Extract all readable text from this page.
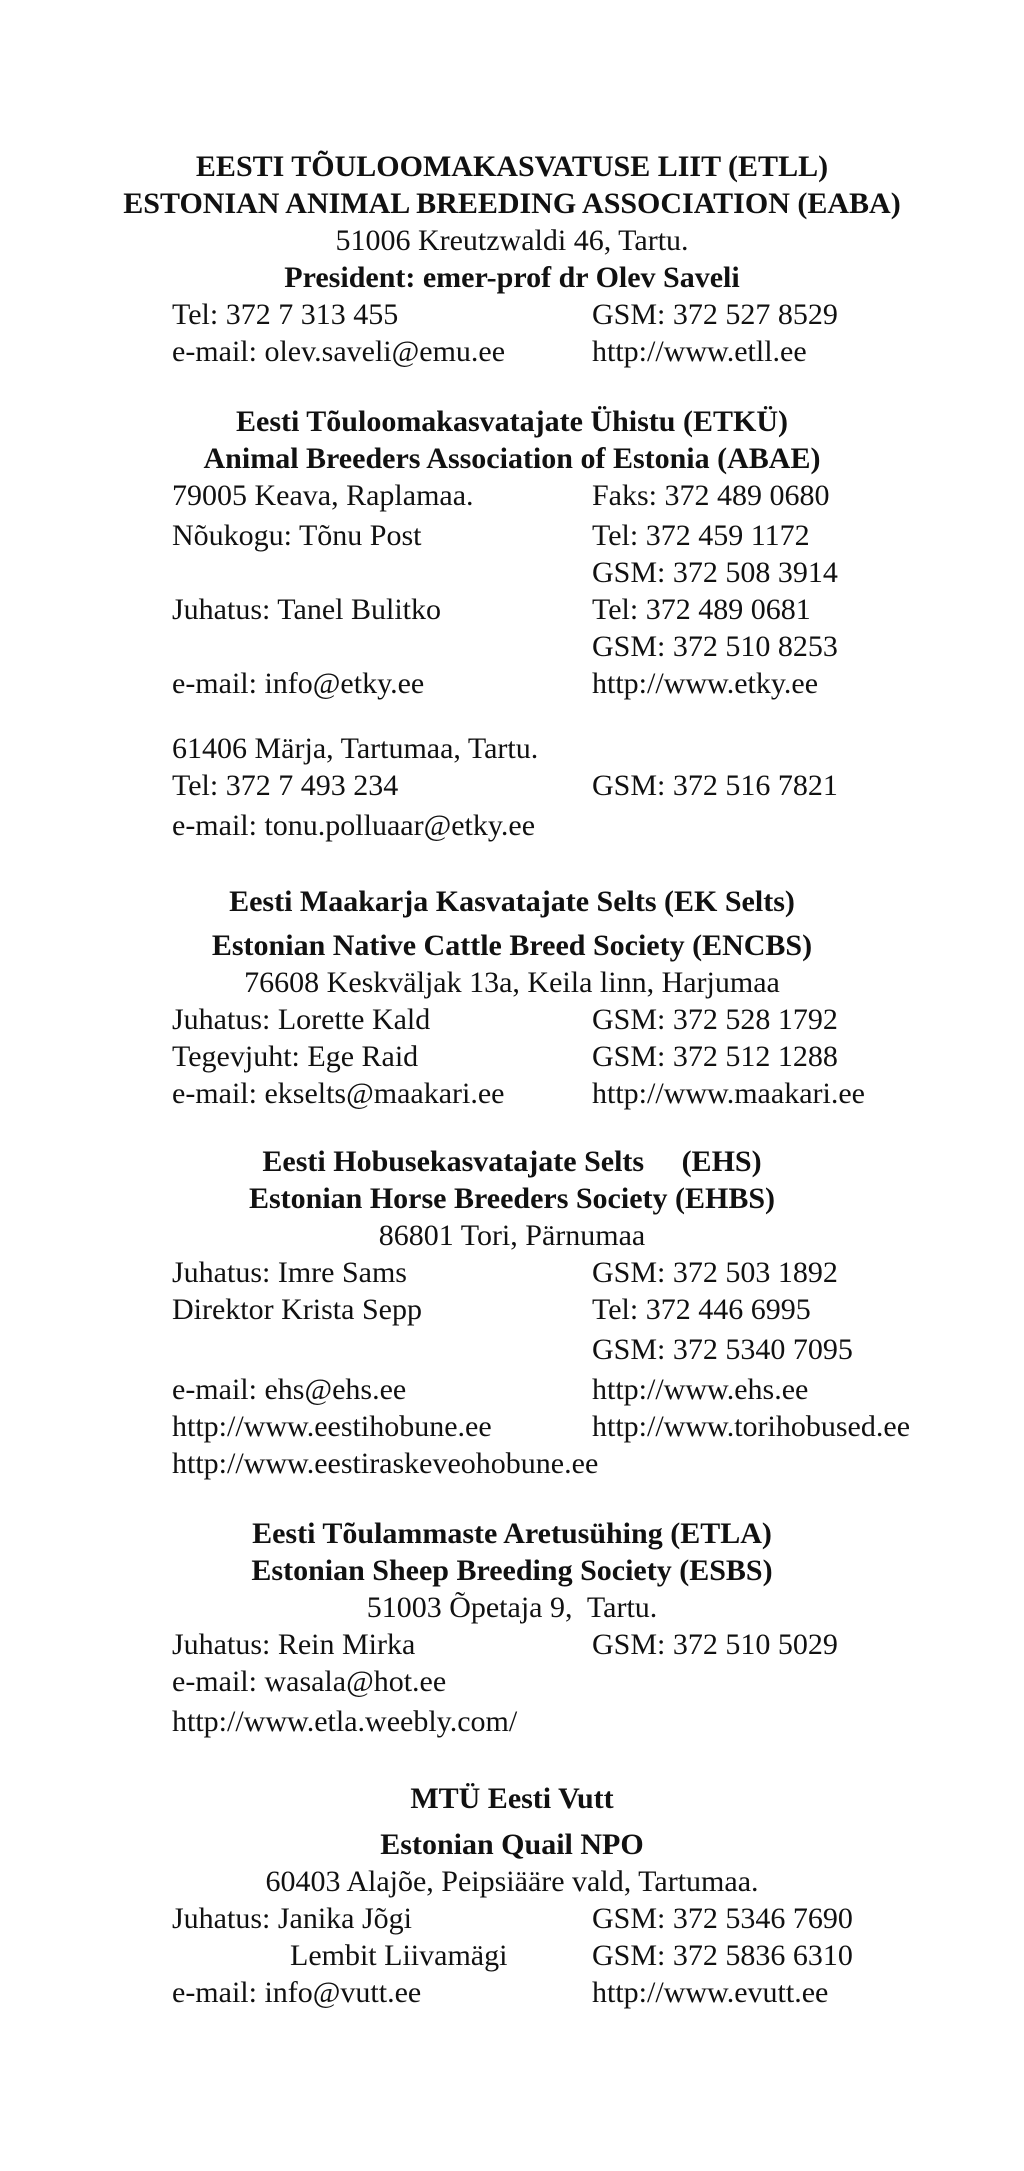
EESTI TÕULOOMAKASVATUSE LIIT (ETLL)
ESTONIAN ANIMAL BREEDING ASSOCIATION (EABA)
51006 Kreutzwaldi 46, Tartu.
President: emer-prof dr Olev Saveli
Tel: 372 7 313 455	GSM: 372 527 8529
e-mail: olev.saveli@emu.ee	http://www.etll.ee
Eesti Tõuloomakasvatajate Ühistu (ETKÜ)
Animal Breeders Association of Estonia (ABAE)
79005 Keava, Raplamaa.	Faks: 372 489 0680
Nõukogu: Tõnu Post	Tel: 372 459 1172
GSM: 372 508 3914
Juhatus: Tanel Bulitko	Tel: 372 489 0681
GSM: 372 510 8253
e-mail: info@etky.ee	http://www.etky.ee
61406 Märja, Tartumaa, Tartu.
Tel: 372 7 493 234	GSM: 372 516 7821
e-mail: tonu.polluaar@etky.ee
Eesti Maakarja Kasvatajate Selts (EK Selts)
Estonian Native Cattle Breed Society (ENCBS)
76608 Keskväljak 13a, Keila linn, Harjumaa
Juhatus: Lorette Kald	GSM: 372 528 1792
Tegevjuht: Ege Raid	GSM: 372 512 1288
e-mail: ekselts@maakari.ee	http://www.maakari.ee
Eesti Hobusekasvatajate Selts     (EHS)
Estonian Horse Breeders Society (EHBS)
86801 Tori, Pärnumaa
Juhatus: Imre Sams	GSM: 372 503 1892
Direktor Krista Sepp	Tel: 372 446 6995
GSM: 372 5340 7095
e-mail: ehs@ehs.ee	http://www.ehs.ee
http://www.eestihobune.ee	http://www.torihobused.ee
http://www.eestiraskeveohobune.ee
Eesti Tõulammaste Aretusühing (ETLA)
Estonian Sheep Breeding Society (ESBS)
51003 Õpetaja 9,  Tartu.
Juhatus: Rein Mirka	GSM: 372 510 5029
e-mail: wasala@hot.ee
http://www.etla.weebly.com/
MTÜ Eesti Vutt
Estonian Quail NPO
60403 Alajõe, Peipsiääre vald, Tartumaa.
Juhatus: Janika Jõgi	GSM: 372 5346 7690
Lembit Liivamägi	GSM: 372 5836 6310
e-mail: info@vutt.ee	http://www.evutt.ee
